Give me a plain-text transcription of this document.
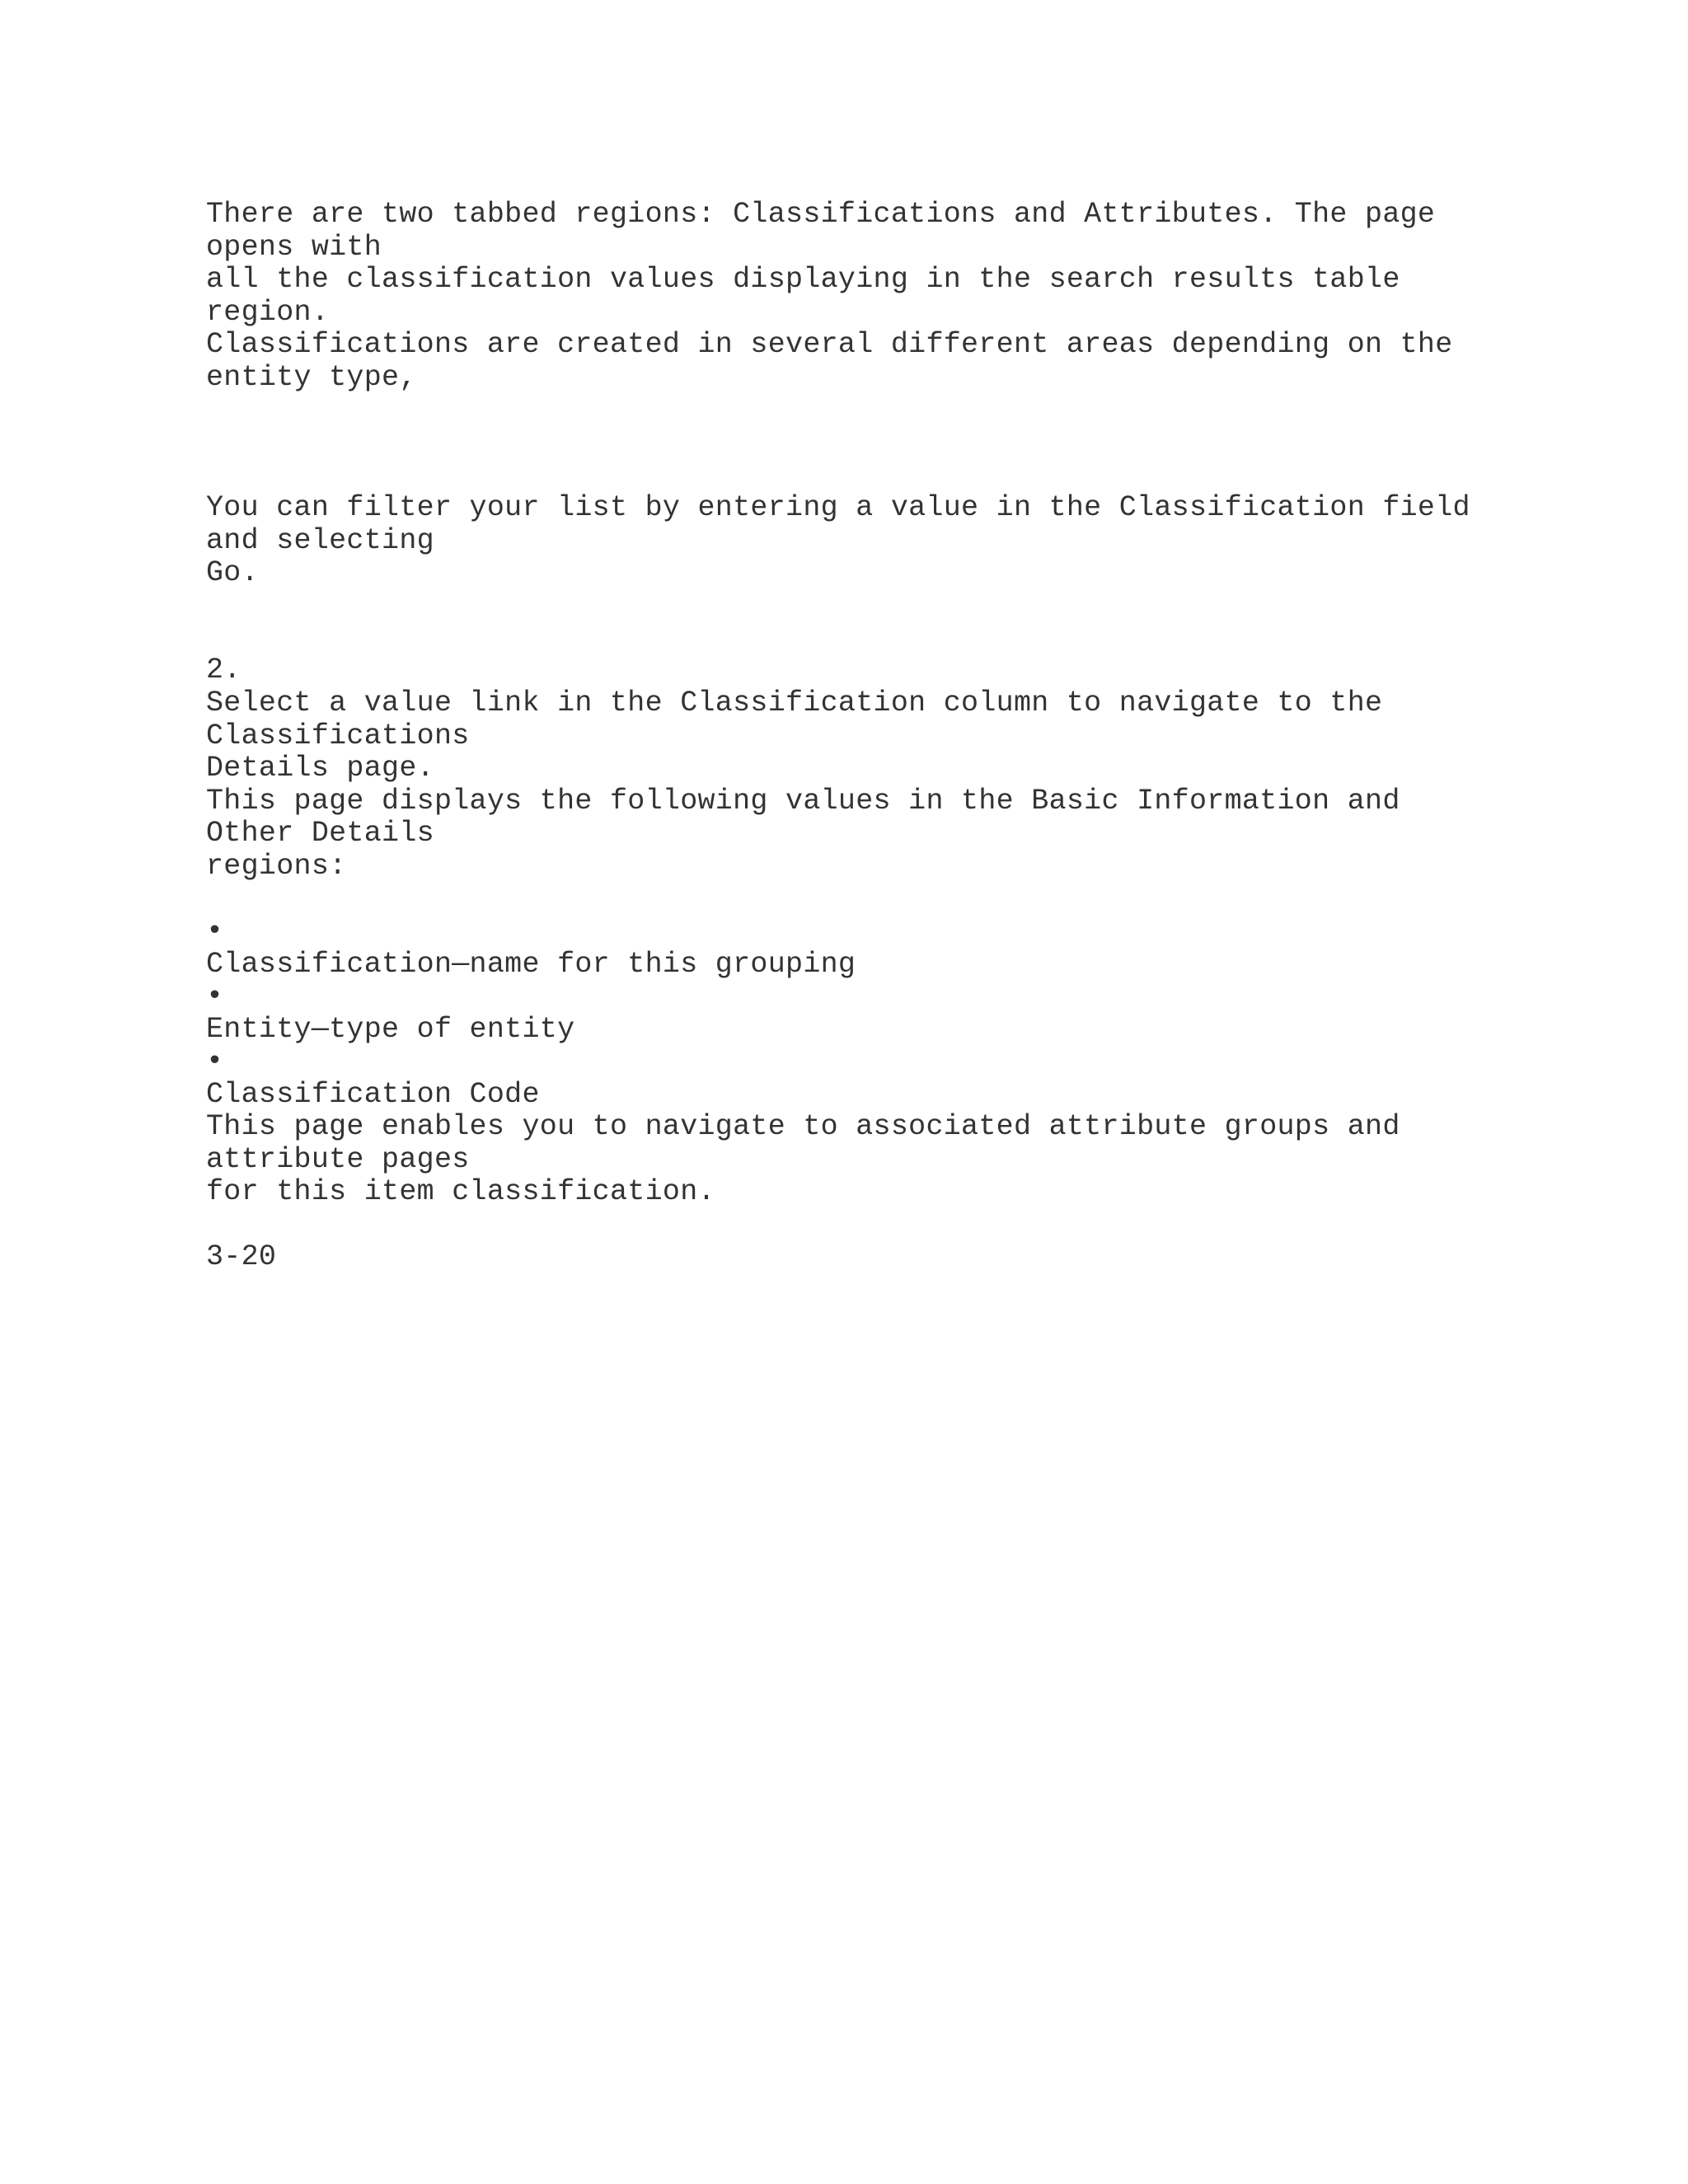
There are two tabbed regions: Classifications and Attributes. The page
opens with
all the classification values displaying in the search results table
region.
Classifications are created in several different areas depending on the
entity type,
You can filter your list by entering a value in the Classification field
and selecting
Go.
2.
Select a value link in the Classification column to navigate to the
Classifications
Details page.
This page displays the following values in the Basic Information and
Other Details
regions:
•
Classification—name for this grouping
•
Entity—type of entity
•
Classification Code
This page enables you to navigate to associated attribute groups and
attribute pages
for this item classification.
3-20
